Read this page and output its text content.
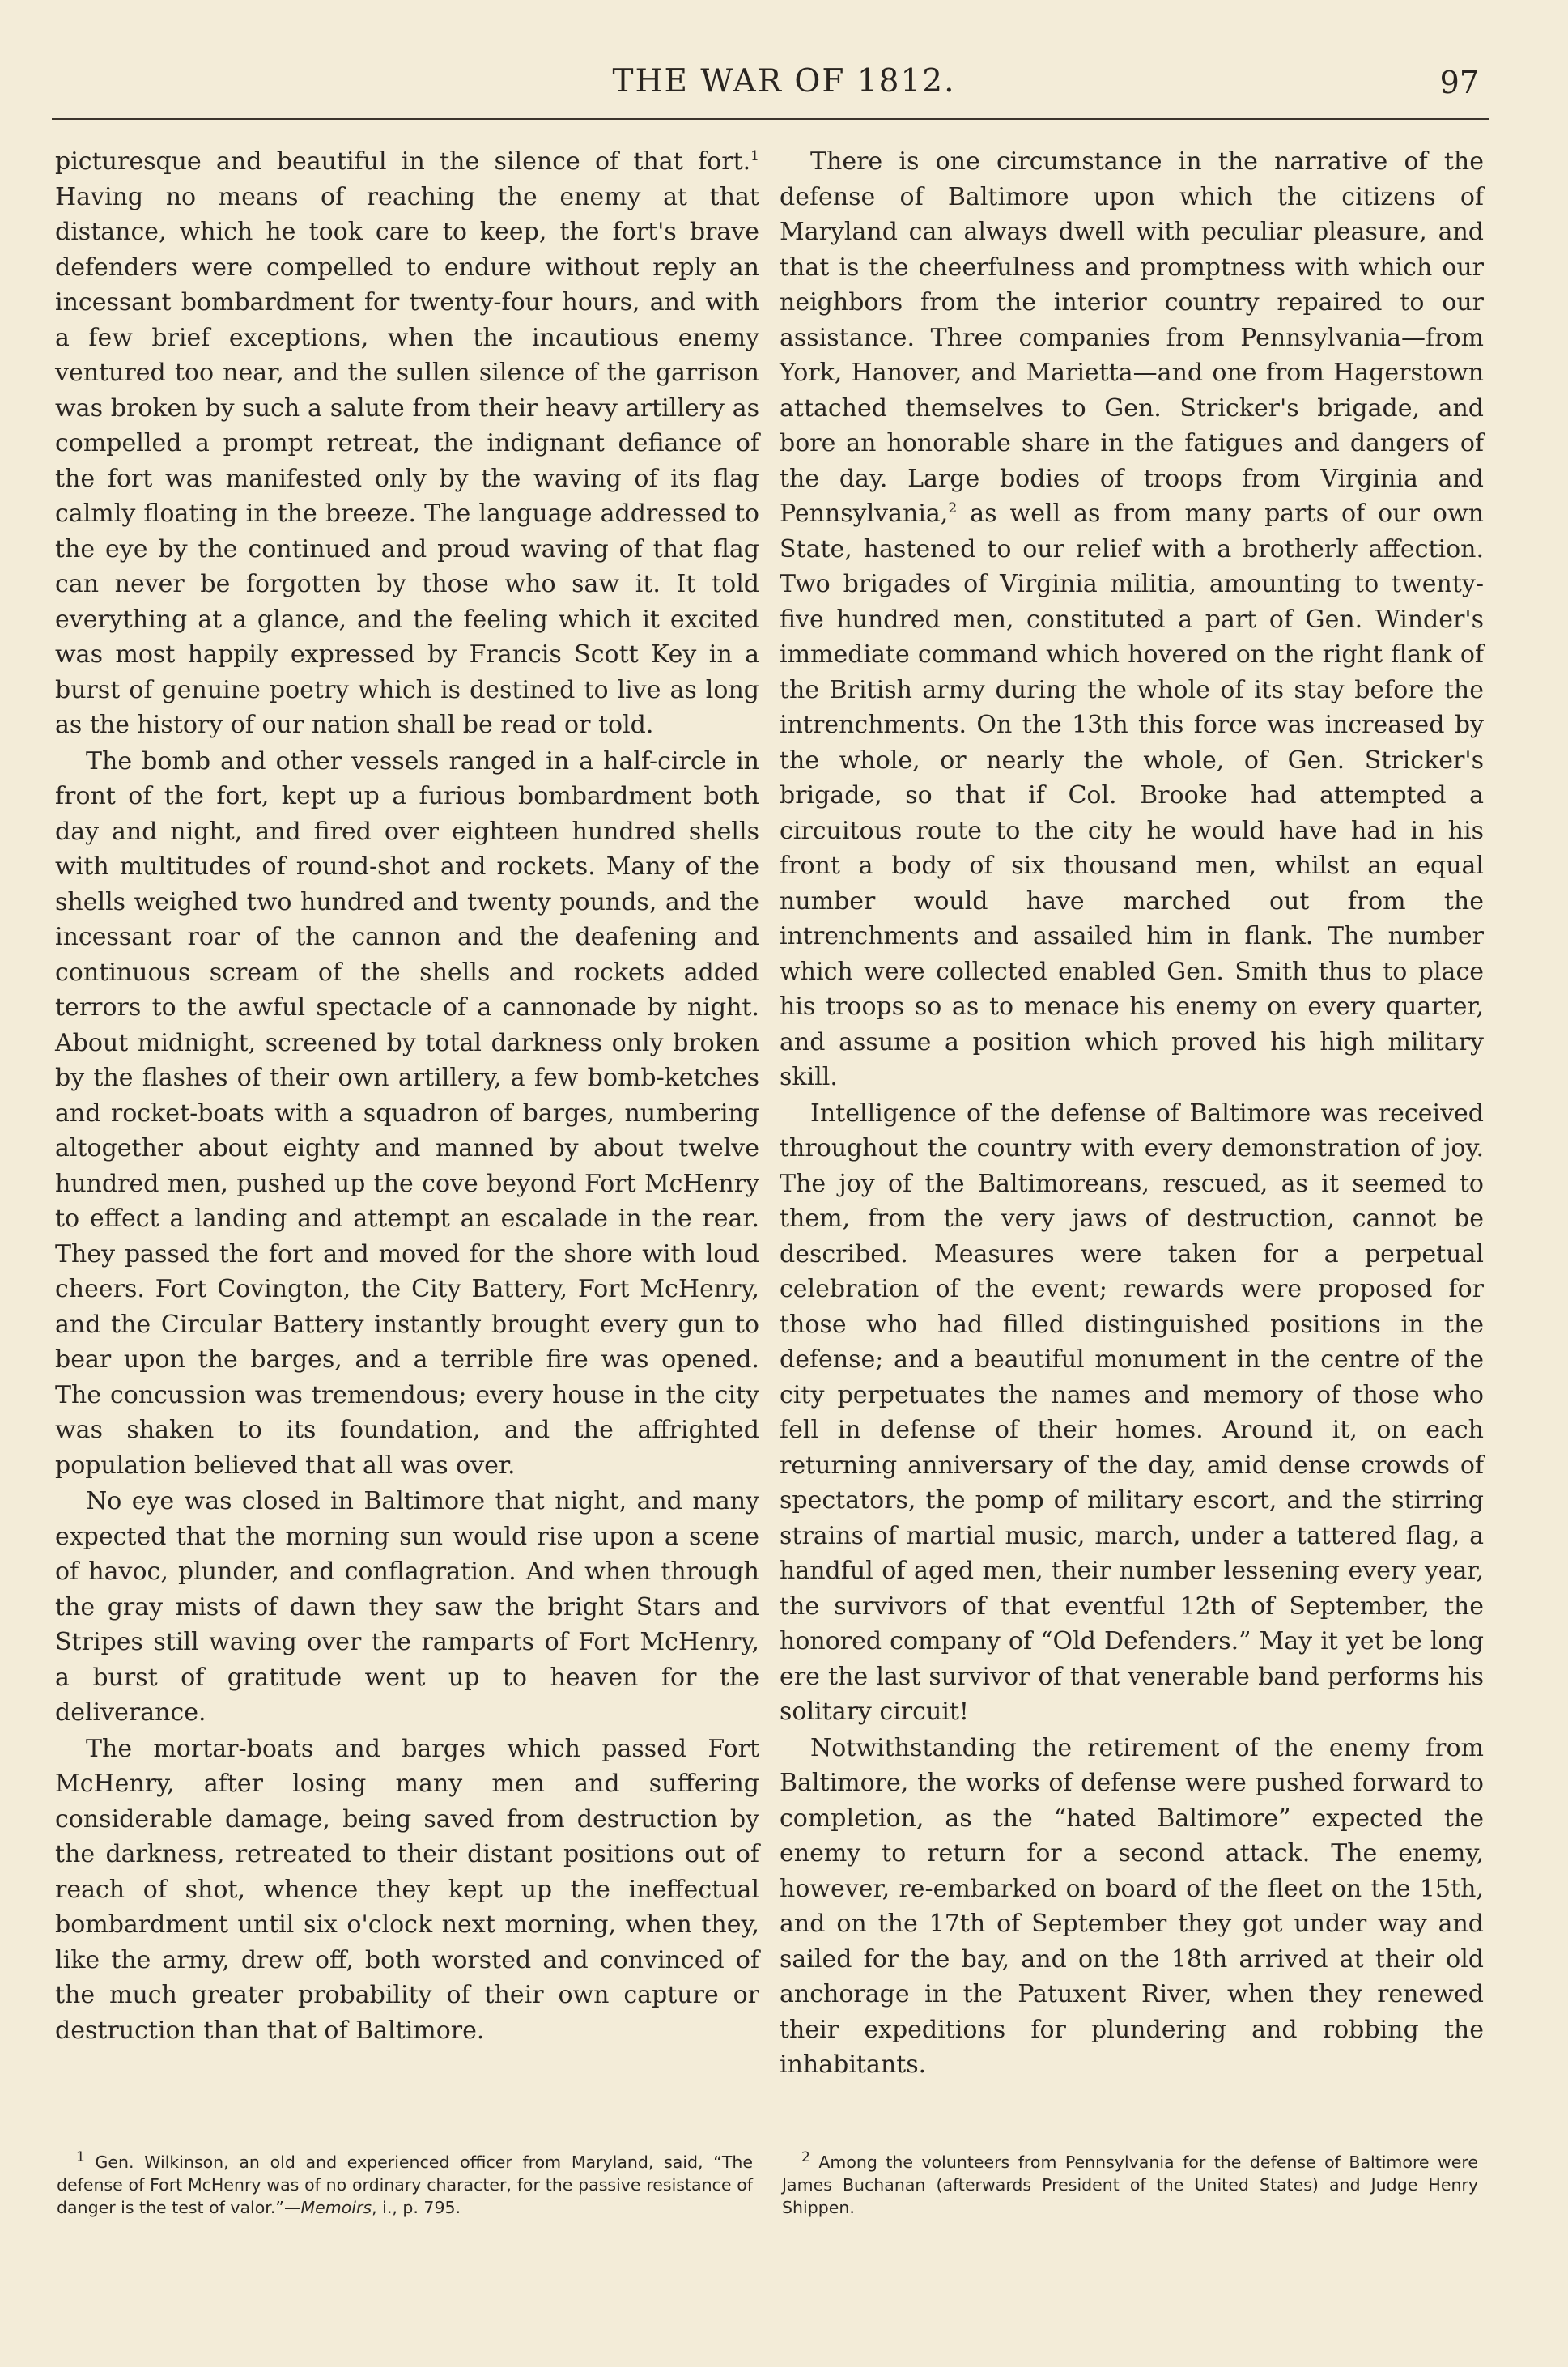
THE WAR OF 1812.	97

picturesque and beautiful in the silence of that fort.$^1$ Having no means of reaching the enemy at that distance, which he took care to keep, the fort's brave defenders were compelled to endure without reply an incessant bombardment for twenty-four hours, and with a few brief exceptions, when the incautious enemy ventured too near, and the sullen silence of the garrison was broken by such a salute from their heavy artillery as compelled a prompt retreat, the indignant defiance of the fort was manifested only by the waving of its flag calmly floating in the breeze. The language addressed to the eye by the continued and proud waving of that flag can never be forgotten by those who saw it. It told everything at a glance, and the feeling which it excited was most happily expressed by Francis Scott Key in a burst of genuine poetry which is destined to live as long as the history of our nation shall be read or told.

The bomb and other vessels ranged in a half-circle in front of the fort, kept up a furious bombardment both day and night, and fired over eighteen hundred shells with multitudes of round-shot and rockets. Many of the shells weighed two hundred and twenty pounds, and the incessant roar of the cannon and the deafening and continuous scream of the shells and rockets added terrors to the awful spectacle of a cannonade by night. About midnight, screened by total darkness only broken by the flashes of their own artillery, a few bomb-ketches and rocket-boats with a squadron of barges, numbering altogether about eighty and manned by about twelve hundred men, pushed up the cove beyond Fort McHenry to effect a landing and attempt an escalade in the rear. They passed the fort and moved for the shore with loud cheers. Fort Covington, the City Battery, Fort McHenry, and the Circular Battery instantly brought every gun to bear upon the barges, and a terrible fire was opened. The concussion was tremendous; every house in the city was shaken to its foundation, and the affrighted population believed that all was over.

No eye was closed in Baltimore that night, and many expected that the morning sun would rise upon a scene of havoc, plunder, and conflagration. And when through the gray mists of dawn they saw the bright Stars and Stripes still waving over the ramparts of Fort McHenry, a burst of gratitude went up to heaven for the deliverance.

The mortar-boats and barges which passed Fort McHenry, after losing many men and suffering considerable damage, being saved from destruction by the darkness, retreated to their distant positions out of reach of shot, whence they kept up the ineffectual bombardment until six o'clock next morning, when they, like the army, drew off, both worsted and convinced of the much greater probability of their own capture or destruction than that of Baltimore.

There is one circumstance in the narrative of the defense of Baltimore upon which the citizens of Maryland can always dwell with peculiar pleasure, and that is the cheerfulness and promptness with which our neighbors from the interior country repaired to our assistance. Three companies from Pennsylvania—from York, Hanover, and Marietta—and one from Hagerstown attached themselves to Gen. Stricker's brigade, and bore an honorable share in the fatigues and dangers of the day. Large bodies of troops from Virginia and Pennsylvania,$^2$ as well as from many parts of our own State, hastened to our relief with a brotherly affection. Two brigades of Virginia militia, amounting to twenty-five hundred men, constituted a part of Gen. Winder's immediate command which hovered on the right flank of the British army during the whole of its stay before the intrenchments. On the 13th this force was increased by the whole, or nearly the whole, of Gen. Stricker's brigade, so that if Col. Brooke had attempted a circuitous route to the city he would have had in his front a body of six thousand men, whilst an equal number would have marched out from the intrenchments and assailed him in flank. The number which were collected enabled Gen. Smith thus to place his troops so as to menace his enemy on every quarter, and assume a position which proved his high military skill.

Intelligence of the defense of Baltimore was received throughout the country with every demonstration of joy. The joy of the Baltimoreans, rescued, as it seemed to them, from the very jaws of destruction, cannot be described. Measures were taken for a perpetual celebration of the event; rewards were proposed for those who had filled distinguished positions in the defense; and a beautiful monument in the centre of the city perpetuates the names and memory of those who fell in defense of their homes. Around it, on each returning anniversary of the day, amid dense crowds of spectators, the pomp of military escort, and the stirring strains of martial music, march, under a tattered flag, a handful of aged men, their number lessening every year, the survivors of that eventful 12th of September, the honored company of “Old Defenders.” May it yet be long ere the last survivor of that venerable band performs his solitary circuit!

Notwithstanding the retirement of the enemy from Baltimore, the works of defense were pushed forward to completion, as the “hated Baltimore” expected the enemy to return for a second attack. The enemy, however, re-embarked on board of the fleet on the 15th, and on the 17th of September they got under way and sailed for the bay, and on the 18th arrived at their old anchorage in the Patuxent River, when they renewed their expeditions for plundering and robbing the inhabitants.

$^1$ Gen. Wilkinson, an old and experienced officer from Maryland, said, “The defense of Fort McHenry was of no ordinary character, for the passive resistance of danger is the test of valor.”—Memoirs, i., p. 795.

$^2$ Among the volunteers from Pennsylvania for the defense of Baltimore were James Buchanan (afterwards President of the United States) and Judge Henry Shippen.
